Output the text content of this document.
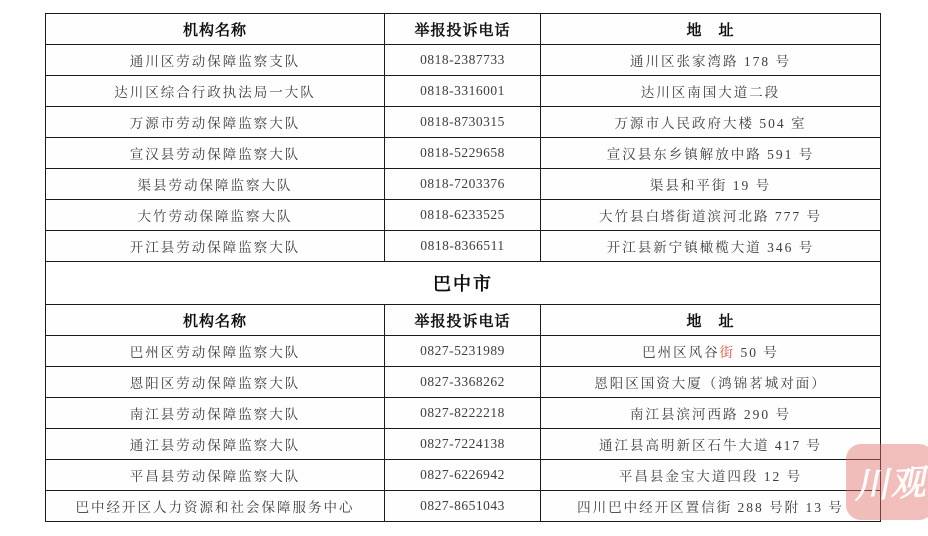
机构名称	举报投诉电话	地　址
通川区劳动保障监察支队	0818-2387733	通川区张家湾路 178 号
达川区综合行政执法局一大队	0818-3316001	达川区南国大道二段
万源市劳动保障监察大队	0818-8730315	万源市人民政府大楼 504 室
宣汉县劳动保障监察大队	0818-5229658	宣汉县东乡镇解放中路 591 号
渠县劳动保障监察大队	0818-7203376	渠县和平街 19 号
大竹劳动保障监察大队	0818-6233525	大竹县白塔街道滨河北路 777 号
开江县劳动保障监察大队	0818-8366511	开江县新宁镇橄榄大道 346 号
巴中市		
机构名称	举报投诉电话	地　址
巴州区劳动保障监察大队	0827-5231989	巴州区风谷街 50 号
恩阳区劳动保障监察大队	0827-3368262	恩阳区国资大厦（鸿锦茗城对面）
南江县劳动保障监察大队	0827-8222218	南江县滨河西路 290 号
通江县劳动保障监察大队	0827-7224138	通江县高明新区石牛大道 417 号
平昌县劳动保障监察大队	0827-6226942	平昌县金宝大道四段 12 号
巴中经开区人力资源和社会保障服务中心	0827-8651043	四川巴中经开区置信街 288 号附 13 号
川观
